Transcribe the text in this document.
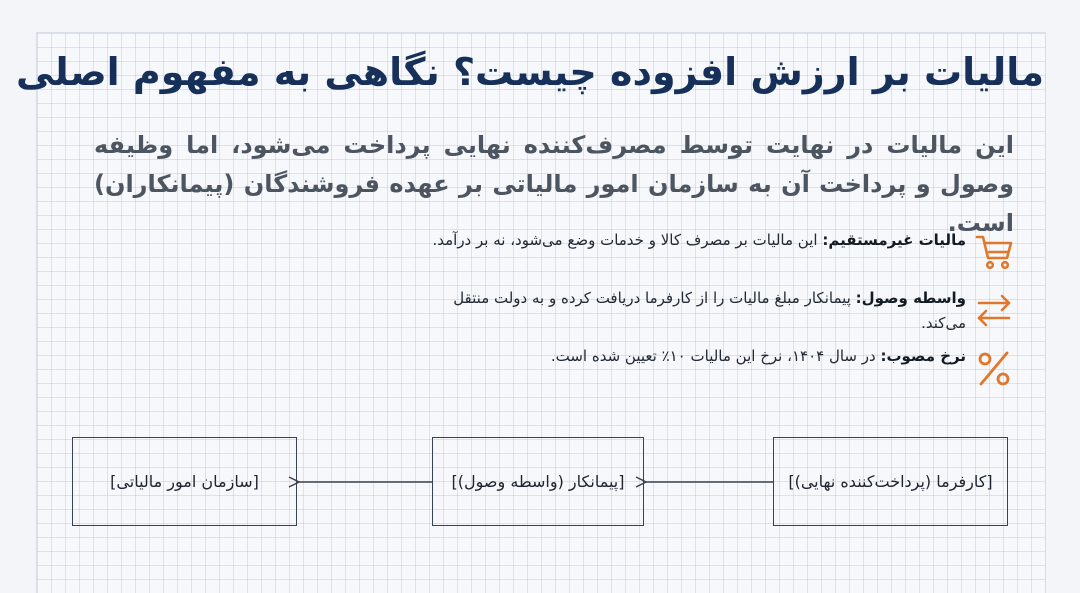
مالیات بر ارزش افزوده چیست؟ نگاهی به مفهوم اصلی

این مالیات در نهایت توسط مصرف‌کننده نهایی پرداخت می‌شود، اما وظیفه وصول و پرداخت آن به سازمان امور مالیاتی بر عهده فروشندگان (پیمانکاران) است.

مالیات غیرمستقیم: این مالیات بر مصرف کالا و خدمات وضع می‌شود، نه بر درآمد.
واسطه وصول: پیمانکار مبلغ مالیات را از کارفرما دریافت کرده و به دولت منتقل می‌کند.
نرخ مصوب: در سال ۱۴۰۴، نرخ این مالیات ۱۰٪ تعیین شده است.
[کارفرما (پرداخت‌کننده نهایی)]
[پیمانکار (واسطه وصول)]
[سازمان امور مالیاتی]
